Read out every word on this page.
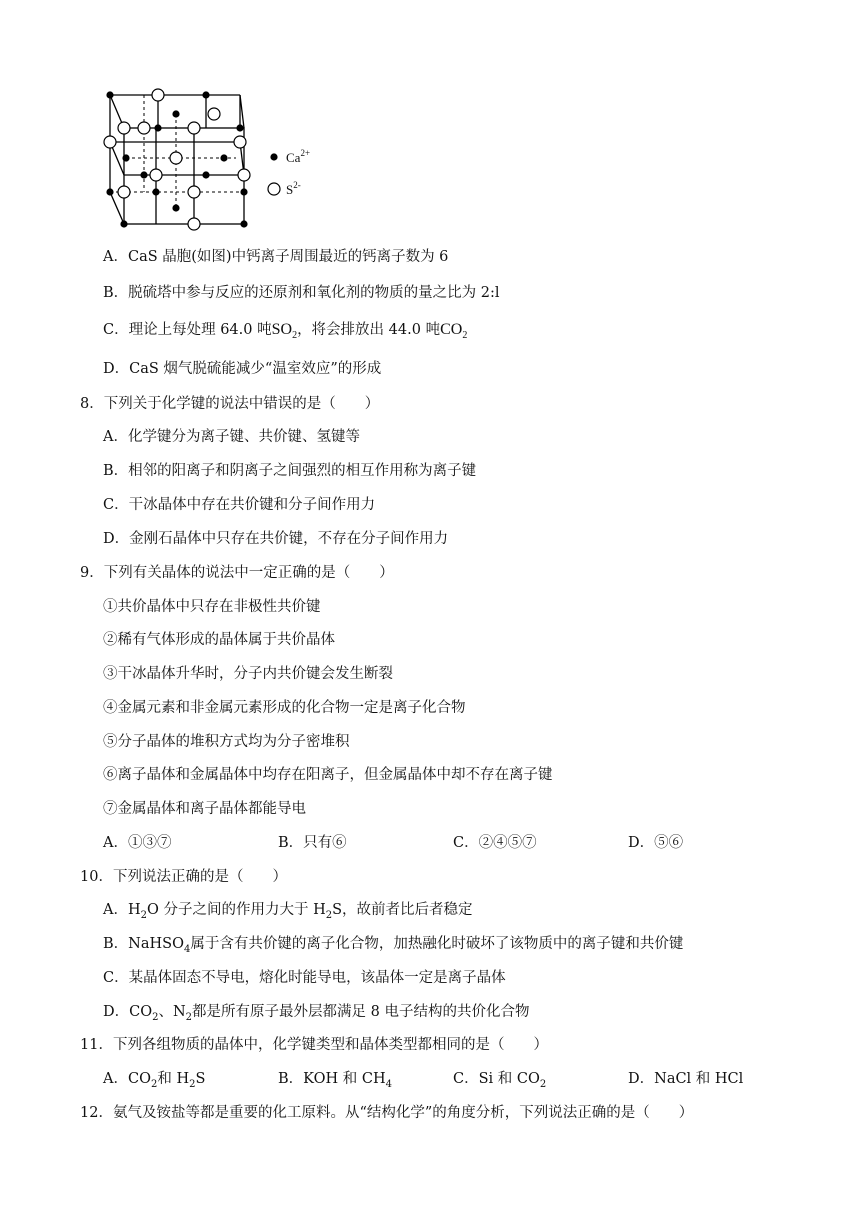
$Ca^{2+}$
$S^{2-}$
A．CaS 晶胞(如图)中钙离子周围最近的钙离子数为 6
B．脱硫塔中参与反应的还原剂和氧化剂的物质的量之比为 2:l
C．理论上每处理 64.0 吨$SO_2$，将会排放出 44.0 吨$CO_2$
D．CaS 烟气脱硫能减少“温室效应”的形成
8．下列关于化学键的说法中错误的是（　　）
A．化学键分为离子键、共价键、氢键等
B．相邻的阳离子和阴离子之间强烈的相互作用称为离子键
C．干冰晶体中存在共价键和分子间作用力
D．金刚石晶体中只存在共价键，不存在分子间作用力
9．下列有关晶体的说法中一定正确的是（　　）
①共价晶体中只存在非极性共价键
②稀有气体形成的晶体属于共价晶体
③干冰晶体升华时，分子内共价键会发生断裂
④金属元素和非金属元素形成的化合物一定是离子化合物
⑤分子晶体的堆积方式均为分子密堆积
⑥离子晶体和金属晶体中均存在阳离子，但金属晶体中却不存在离子键
⑦金属晶体和离子晶体都能导电
A．①③⑦	B．只有⑥	C．②④⑤⑦	D．⑤⑥
10．下列说法正确的是（　　）
A．$H_2O$ 分子之间的作用力大于 $H_2S$，故前者比后者稳定
B．NaHSO$_4$属于含有共价键的离子化合物，加热融化时破坏了该物质中的离子键和共价键
C．某晶体固态不导电，熔化时能导电，该晶体一定是离子晶体
D．$CO_2$、$N_2$都是所有原子最外层都满足 8 电子结构的共价化合物
11．下列各组物质的晶体中，化学键类型和晶体类型都相同的是（　　）
A．$CO_2$和 $H_2S$	B．KOH 和 $CH_4$	C．Si 和 $CO_2$	D．NaCl 和 HCl
12．氨气及铵盐等都是重要的化工原料。从“结构化学”的角度分析，下列说法正确的是（　　）
